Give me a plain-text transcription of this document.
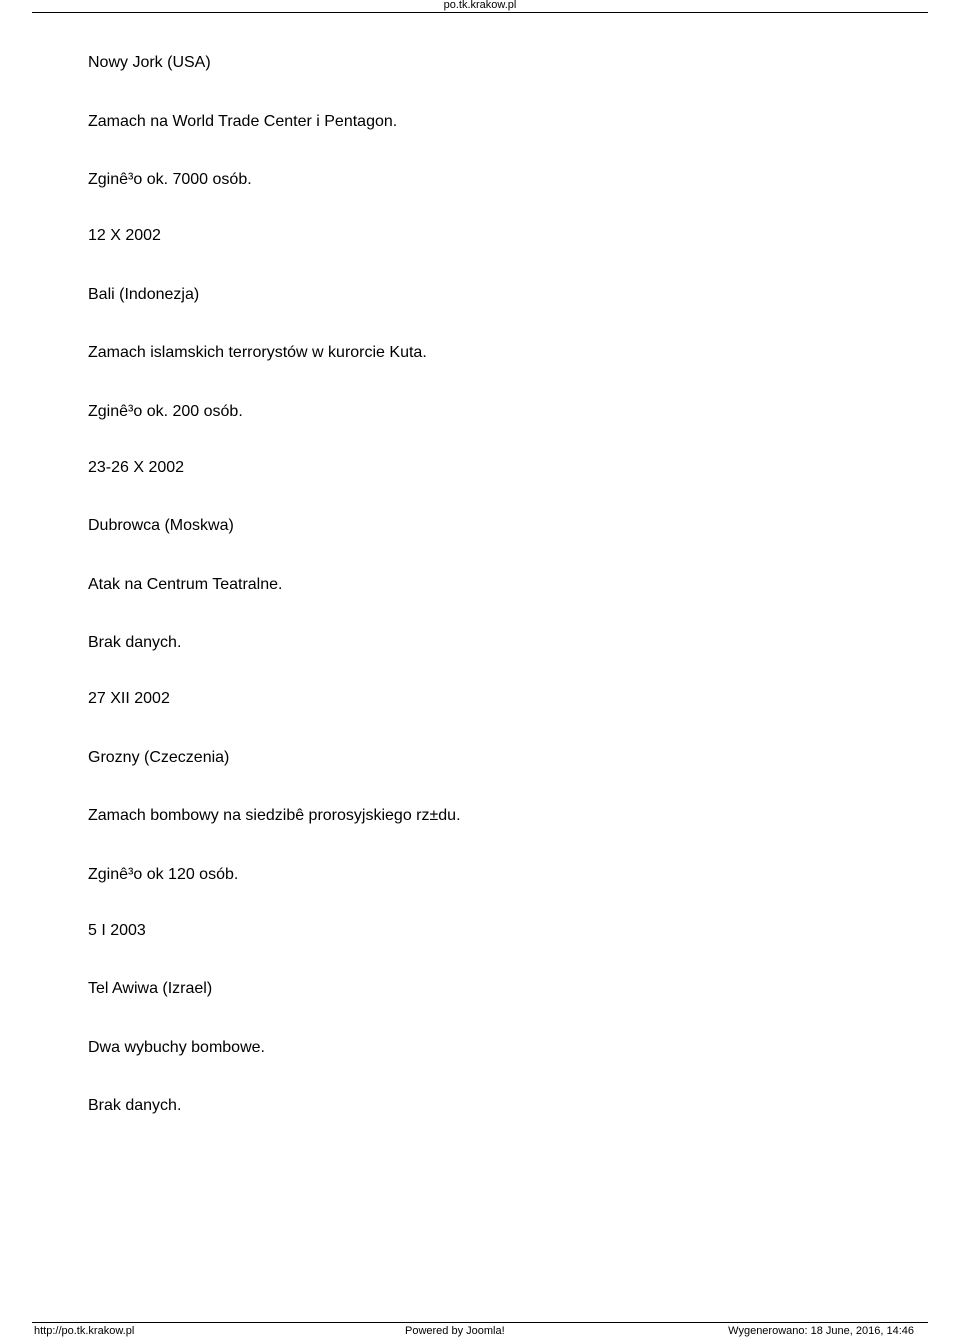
po.tk.krakow.pl
Nowy Jork (USA)
Zamach na World Trade Center i Pentagon.
Zginê³o ok. 7000 osób.
12 X 2002
Bali (Indonezja)
Zamach islamskich terrorystów w kurorcie Kuta.
Zginê³o ok. 200 osób.
23-26 X 2002
Dubrowca (Moskwa)
Atak na Centrum Teatralne.
Brak danych.
27 XII 2002
Grozny (Czeczenia)
Zamach bombowy na siedzibê prorosyjskiego rz±du.
Zginê³o ok 120 osób.
5 I 2003
Tel Awiwa (Izrael)
Dwa wybuchy bombowe.
Brak danych.
http://po.tk.krakow.pl	Powered by Joomla!	Wygenerowano: 18 June, 2016, 14:46
